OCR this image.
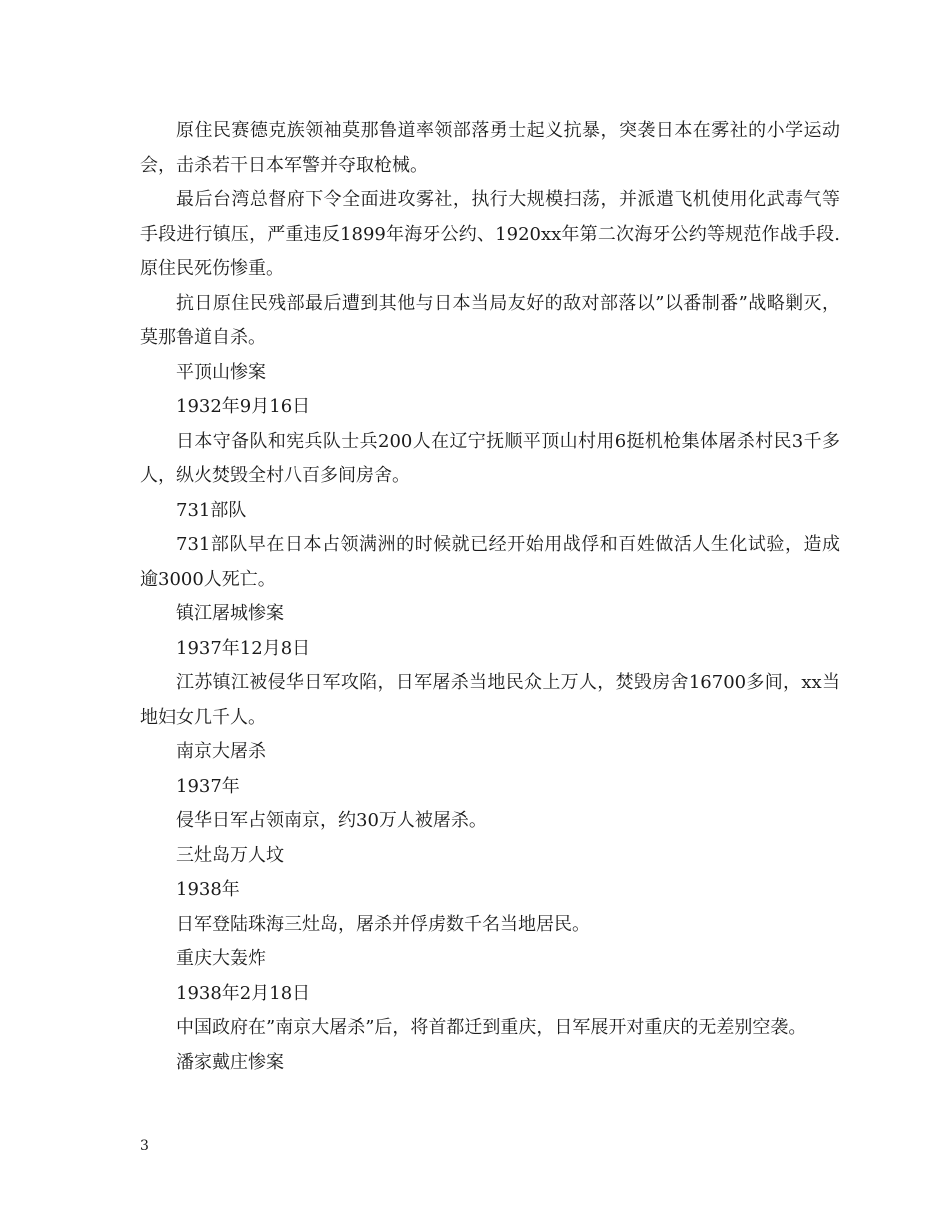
原住民赛德克族领袖莫那鲁道率领部落勇士起义抗暴，突袭日本在雾社的小学运动会，击杀若干日本军警并夺取枪械。

最后台湾总督府下令全面进攻雾社，执行大规模扫荡，并派遣飞机使用化武毒气等手段进行镇压，严重违反1899年海牙公约、1920xx年第二次海牙公约等规范作战手段.原住民死伤惨重。

抗日原住民残部最后遭到其他与日本当局友好的敌对部落以”以番制番”战略剿灭，莫那鲁道自杀。

平顶山惨案

1932年9月16日

日本守备队和宪兵队士兵200人在辽宁抚顺平顶山村用6挺机枪集体屠杀村民3千多人，纵火焚毁全村八百多间房舍。

731部队

731部队早在日本占领满洲的时候就已经开始用战俘和百姓做活人生化试验，造成逾3000人死亡。

镇江屠城惨案

1937年12月8日

江苏镇江被侵华日军攻陷，日军屠杀当地民众上万人，焚毁房舍16700多间，xx当地妇女几千人。

南京大屠杀

1937年

侵华日军占领南京，约30万人被屠杀。

三灶岛万人坟

1938年

日军登陆珠海三灶岛，屠杀并俘虏数千名当地居民。

重庆大轰炸

1938年2月18日

中国政府在”南京大屠杀”后，将首都迁到重庆，日军展开对重庆的无差别空袭。

潘家戴庄惨案

3
